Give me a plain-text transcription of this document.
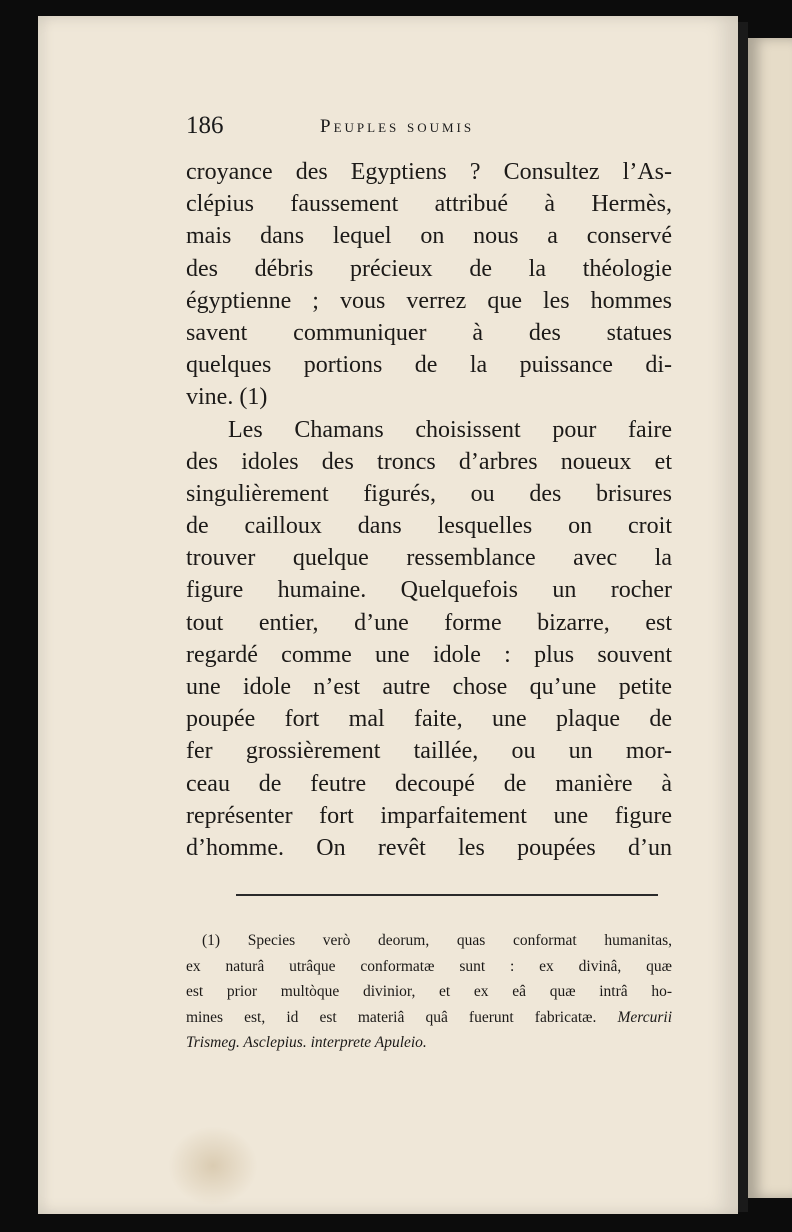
186	Peuples soumis
croyance des Egyptiens ? Consultez l’As-
clépius faussement attribué à Hermès,
mais dans lequel on nous a conservé
des débris précieux de la théologie
égyptienne ; vous verrez que les hommes
savent communiquer à des statues
quelques portions de la puissance di-
vine. (1)
Les Chamans choisissent pour faire
des idoles des troncs d’arbres noueux et
singulièrement figurés, ou des brisures
de cailloux dans lesquelles on croit
trouver quelque ressemblance avec la
figure humaine. Quelquefois un rocher
tout entier, d’une forme bizarre, est
regardé comme une idole : plus souvent
une idole n’est autre chose qu’une petite
poupée fort mal faite, une plaque de
fer grossièrement taillée, ou un mor-
ceau de feutre decoupé de manière à
représenter fort imparfaitement une figure
d’homme. On revêt les poupées d’un
(1) Species verò deorum, quas conformat humanitas,
ex naturâ utrâque conformatæ sunt : ex divinâ, quæ
est prior multòque divinior, et ex eâ quæ intrâ ho-
mines est, id est materiâ quâ fuerunt fabricatæ. Mercurii
Trismeg. Asclepius. interprete Apuleio.
